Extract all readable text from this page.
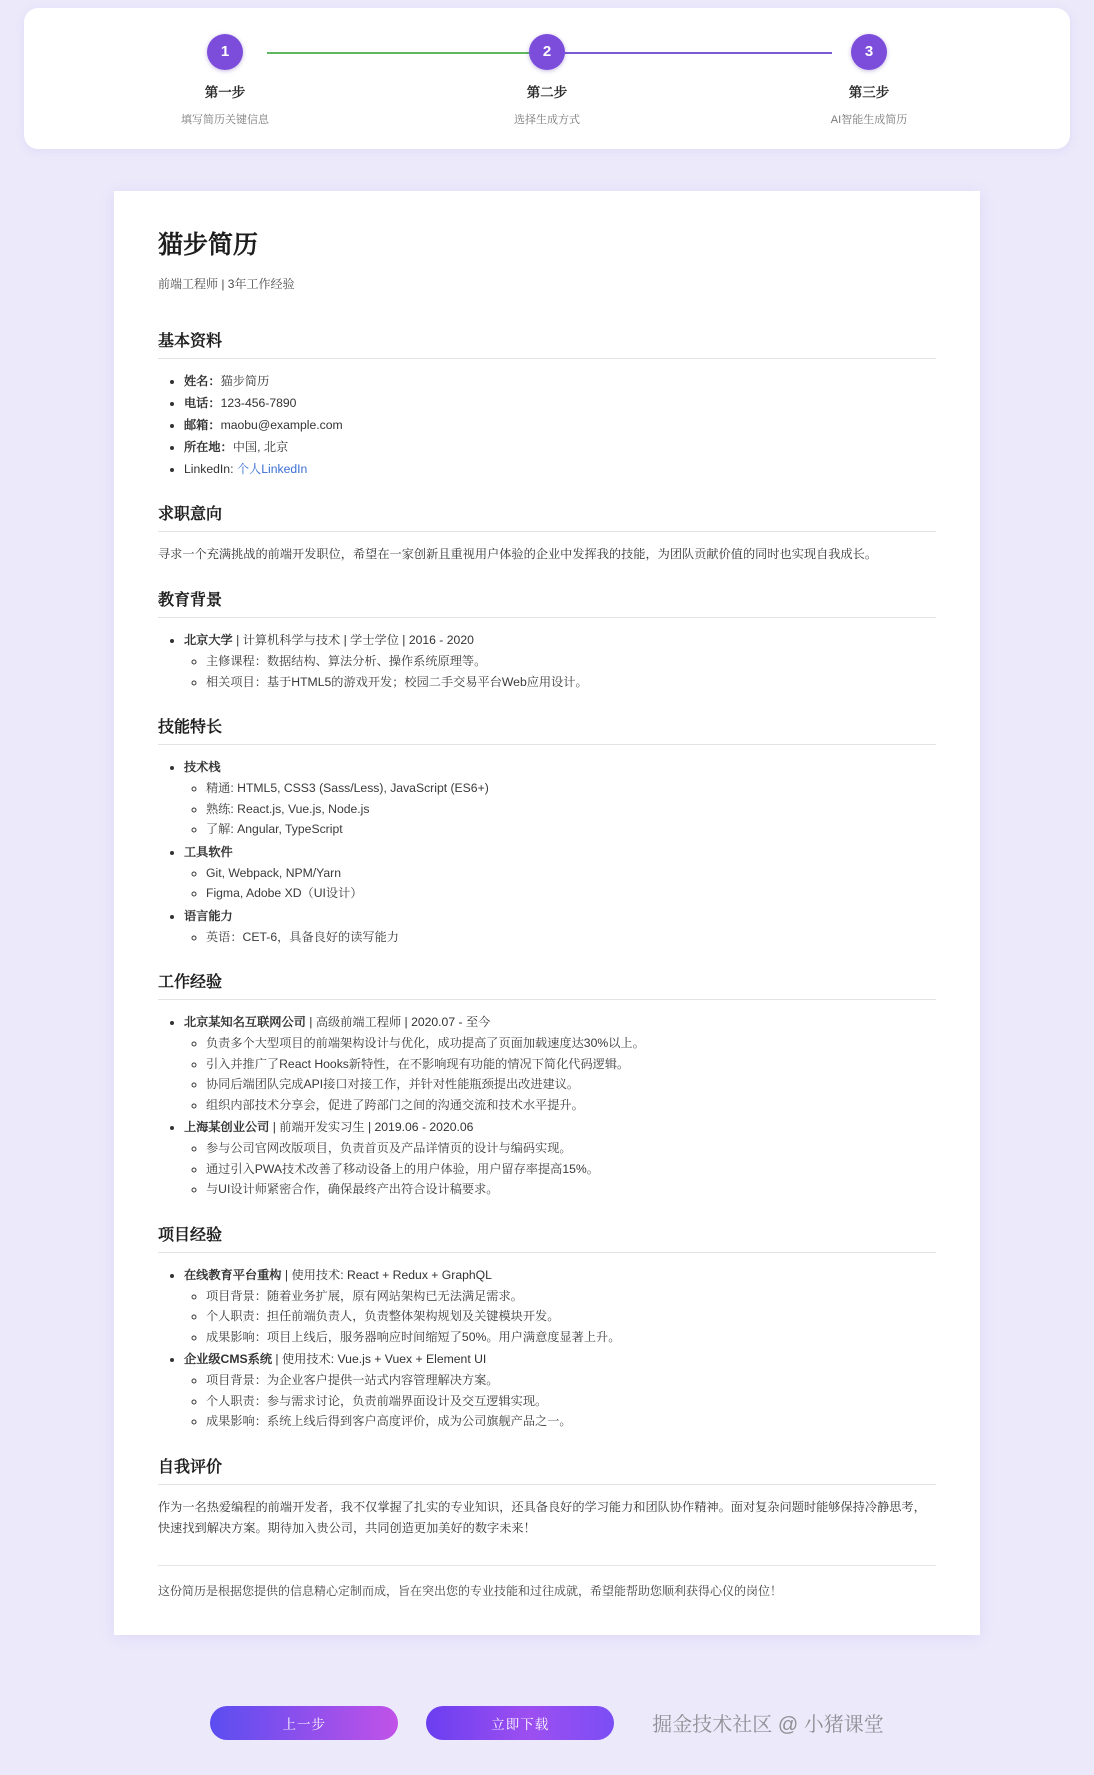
1
第一步
填写简历关键信息
2
第二步
选择生成方式
3
第三步
AI智能生成简历
猫步简历
前端工程师 | 3年工作经验
基本资料
• 姓名：猫步简历
• 电话：123-456-7890
• 邮箱：maobu@example.com
• 所在地：中国, 北京
• LinkedIn: 个人LinkedIn
求职意向

寻求一个充满挑战的前端开发职位，希望在一家创新且重视用户体验的企业中发挥我的技能，为团队贡献价值的同时也实现自我成长。

教育背景
• 北京大学 | 计算机科学与技术 | 学士学位 | 2016 - 2020
◦ 主修课程：数据结构、算法分析、操作系统原理等。
◦ 相关项目：基于HTML5的游戏开发；校园二手交易平台Web应用设计。
技能特长
• 技术栈
◦ 精通: HTML5, CSS3 (Sass/Less), JavaScript (ES6+)
◦ 熟练: React.js, Vue.js, Node.js
◦ 了解: Angular, TypeScript
• 工具软件
◦ Git, Webpack, NPM/Yarn
◦ Figma, Adobe XD（UI设计）
• 语言能力
◦ 英语：CET-6，具备良好的读写能力
工作经验
• 北京某知名互联网公司 | 高级前端工程师 | 2020.07 - 至今
◦ 负责多个大型项目的前端架构设计与优化，成功提高了页面加载速度达30%以上。
◦ 引入并推广了React Hooks新特性，在不影响现有功能的情况下简化代码逻辑。
◦ 协同后端团队完成API接口对接工作，并针对性能瓶颈提出改进建议。
◦ 组织内部技术分享会，促进了跨部门之间的沟通交流和技术水平提升。
• 上海某创业公司 | 前端开发实习生 | 2019.06 - 2020.06
◦ 参与公司官网改版项目，负责首页及产品详情页的设计与编码实现。
◦ 通过引入PWA技术改善了移动设备上的用户体验，用户留存率提高15%。
◦ 与UI设计师紧密合作，确保最终产出符合设计稿要求。
项目经验
• 在线教育平台重构 | 使用技术: React + Redux + GraphQL
◦ 项目背景：随着业务扩展，原有网站架构已无法满足需求。
◦ 个人职责：担任前端负责人，负责整体架构规划及关键模块开发。
◦ 成果影响：项目上线后，服务器响应时间缩短了50%。用户满意度显著上升。
• 企业级CMS系统 | 使用技术: Vue.js + Vuex + Element UI
◦ 项目背景：为企业客户提供一站式内容管理解决方案。
◦ 个人职责：参与需求讨论，负责前端界面设计及交互逻辑实现。
◦ 成果影响：系统上线后得到客户高度评价，成为公司旗舰产品之一。
自我评价

作为一名热爱编程的前端开发者，我不仅掌握了扎实的专业知识，还具备良好的学习能力和团队协作精神。面对复杂问题时能够保持冷静思考，快速找到解决方案。期待加入贵公司，共同创造更加美好的数字未来！

这份简历是根据您提供的信息精心定制而成，旨在突出您的专业技能和过往成就，希望能帮助您顺利获得心仪的岗位！
上一步	立即下载	掘金技术社区 @ 小猪课堂
